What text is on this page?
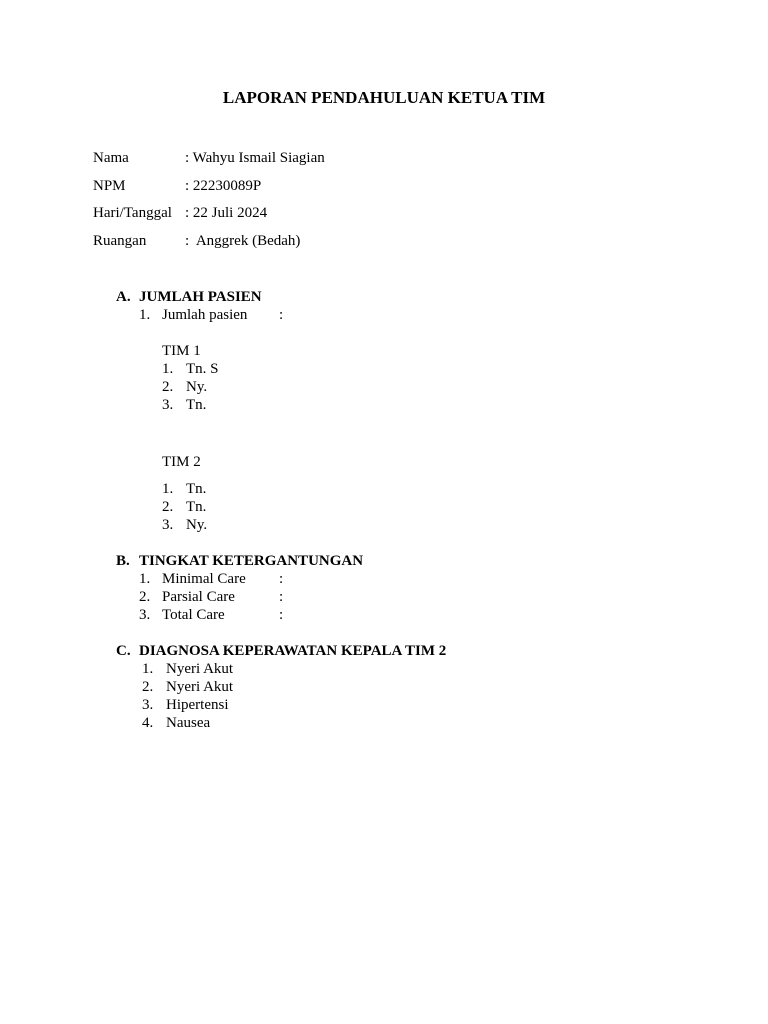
LAPORAN PENDAHULUAN KETUA TIM
Nama	: Wahyu Ismail Siagian
NPM	: 22230089P
Hari/Tanggal : 22 Juli 2024
Ruangan	:  Anggrek (Bedah)
A. JUMLAH PASIEN
1. Jumlah pasien :
TIM 1
1. Tn. S
2. Ny.
3. Tn.
TIM 2
1. Tn.
2. Tn.
3. Ny.
B. TINGKAT KETERGANTUNGAN
1. Minimal Care :
2. Parsial Care	:
3. Total Care	:
C. DIAGNOSA KEPERAWATAN KEPALA TIM 2
1. Nyeri Akut
2. Nyeri Akut
3. Hipertensi
4. Nausea
